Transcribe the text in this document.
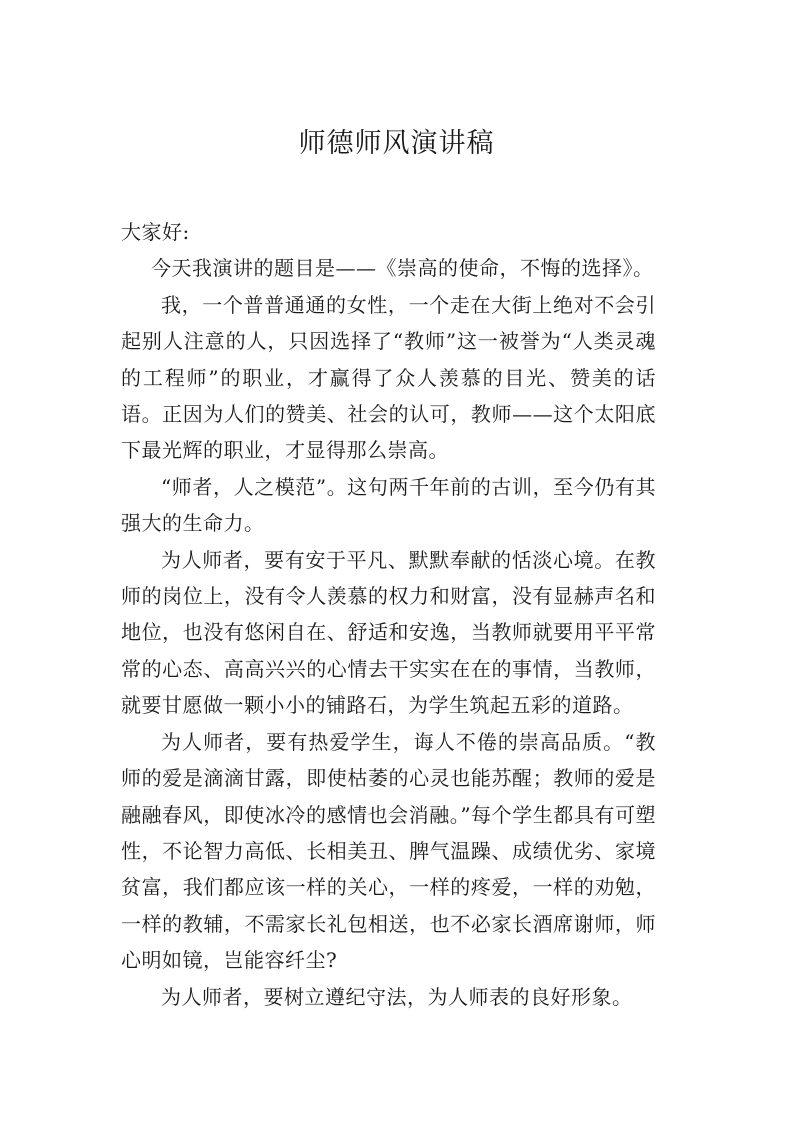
师德师风演讲稿

大家好:

今天我演讲的题目是——《崇高的使命，不悔的选择》。

我，一个普普通通的女性，一个走在大街上绝对不会引起别人注意的人，只因选择了“教师”这一被誉为“人类灵魂的工程师”的职业，才赢得了众人羡慕的目光、赞美的话语。正因为人们的赞美、社会的认可，教师——这个太阳底下最光辉的职业，才显得那么崇高。

“师者，人之模范”。这句两千年前的古训，至今仍有其强大的生命力。

为人师者，要有安于平凡、默默奉献的恬淡心境。在教师的岗位上，没有令人羡慕的权力和财富，没有显赫声名和地位，也没有悠闲自在、舒适和安逸，当教师就要用平平常常的心态、高高兴兴的心情去干实实在在的事情，当教师，就要甘愿做一颗小小的铺路石，为学生筑起五彩的道路。

为人师者，要有热爱学生，诲人不倦的崇高品质。“教师的爱是滴滴甘露，即使枯萎的心灵也能苏醒；教师的爱是融融春风，即使冰冷的感情也会消融。”每个学生都具有可塑性，不论智力高低、长相美丑、脾气温躁、成绩优劣、家境贫富，我们都应该一样的关心，一样的疼爱，一样的劝勉，一样的教辅，不需家长礼包相送，也不必家长酒席谢师，师心明如镜，岂能容纤尘?

为人师者，要树立遵纪守法，为人师表的良好形象。
